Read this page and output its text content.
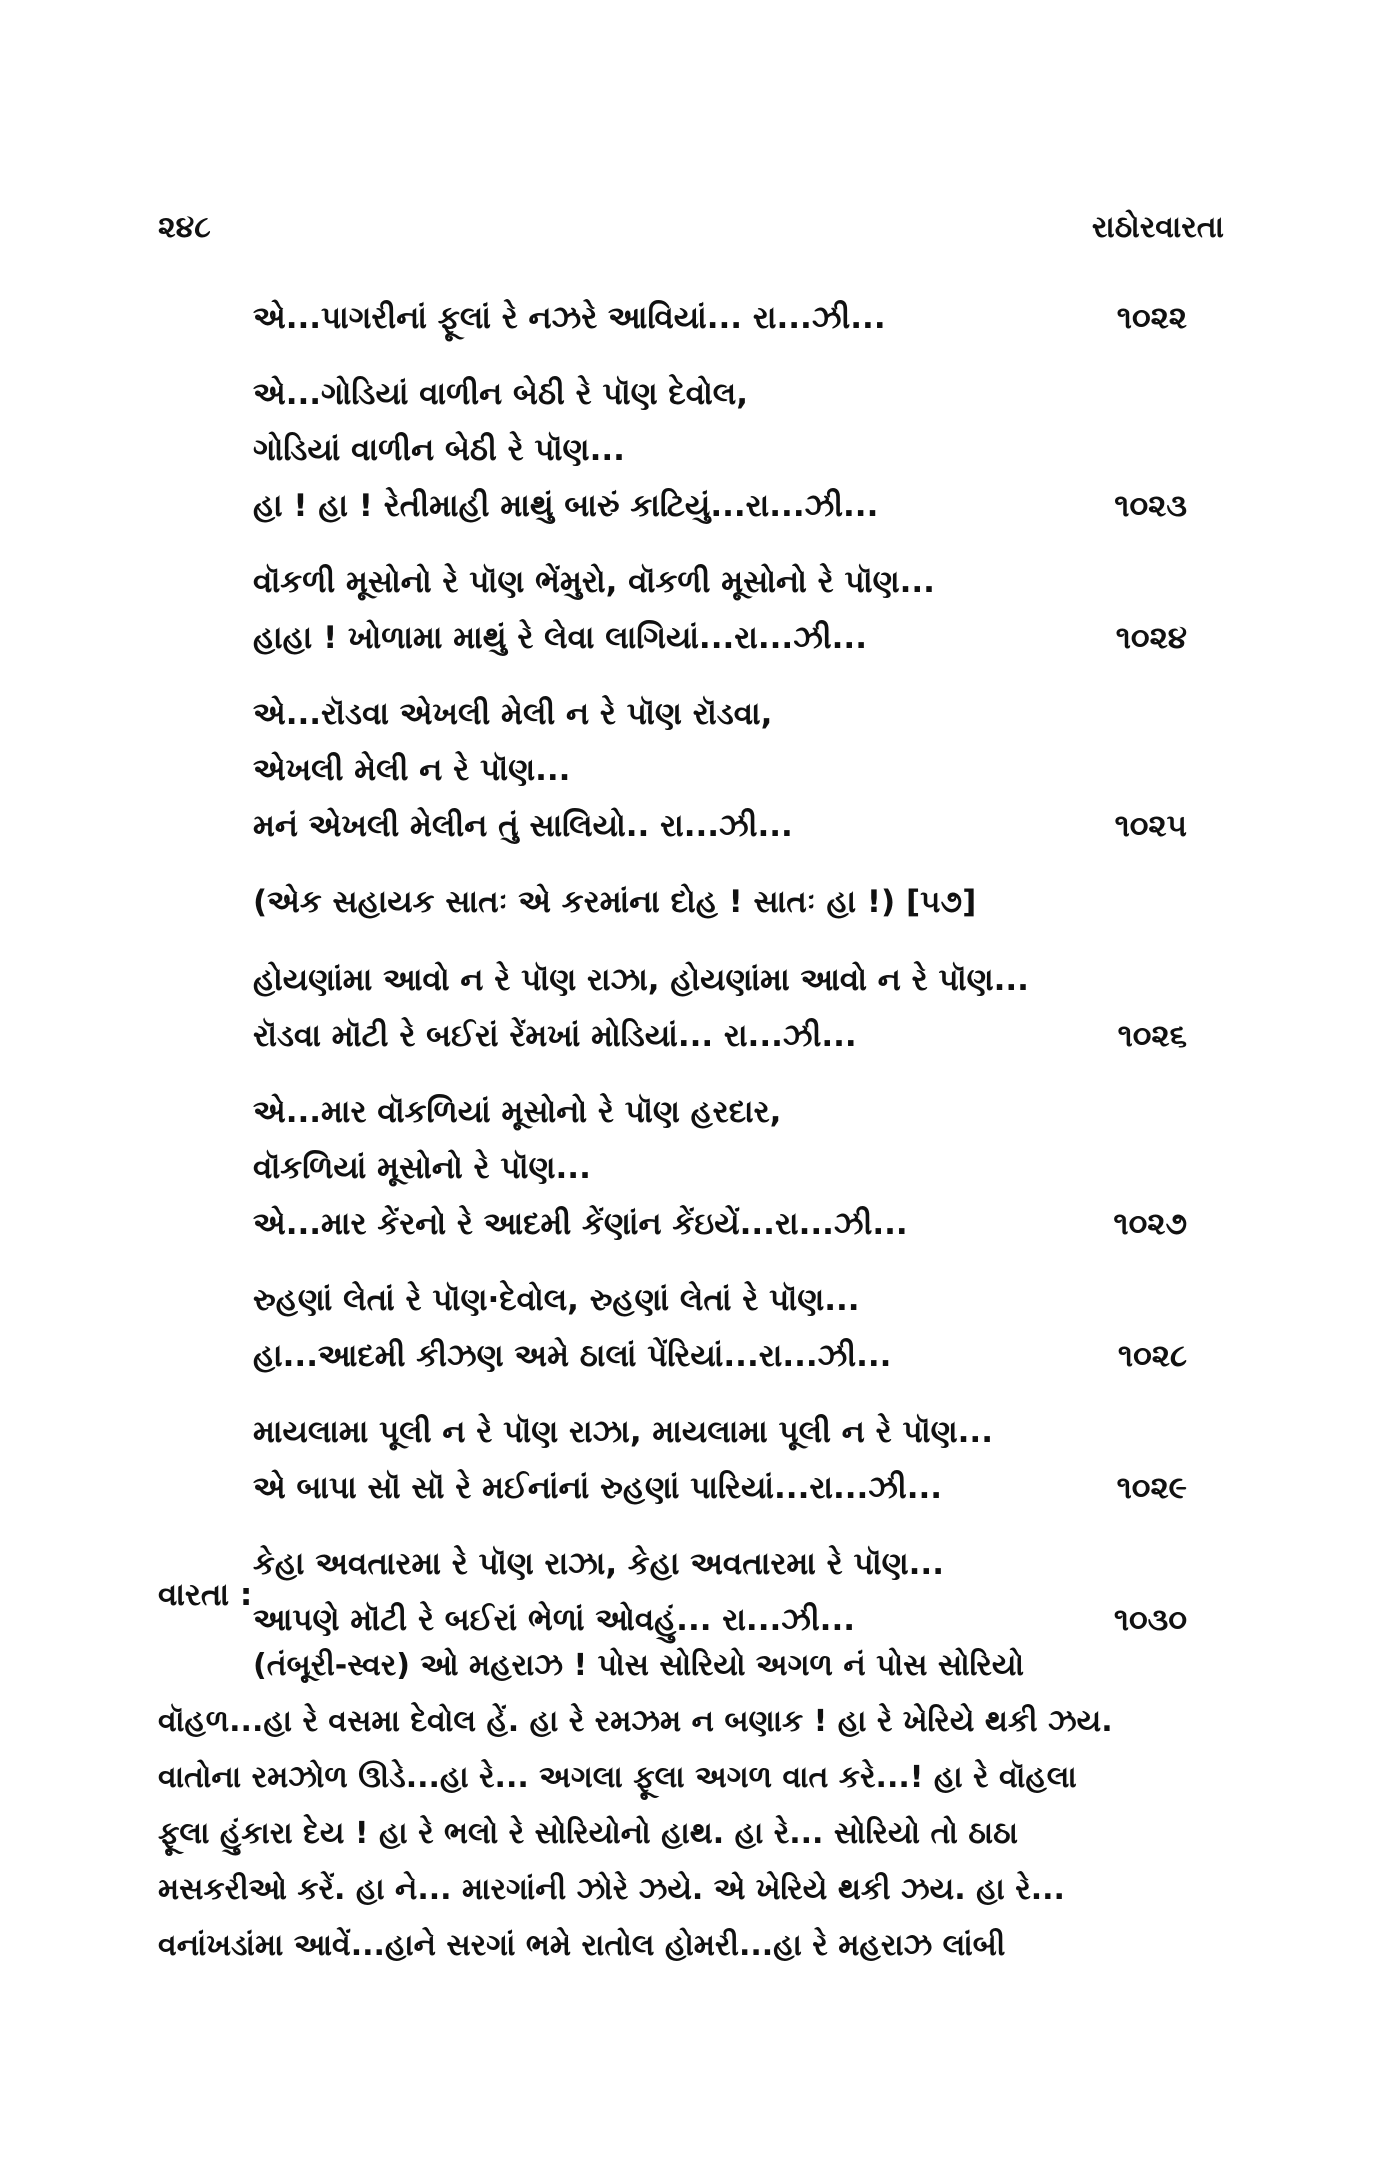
૨૪૮	રાઠોરવારતા
એ...પાગરીનાં ફૂલાં રે નઝરે આવિયાં... રા...ઝી...	૧૦૨૨
એ...ગોડિયાં વાળીન બેઠી રે પૉણ દેવોલ,
ગોડિયાં વાળીન બેઠી રે પૉણ...
હા ! હા ! રેતીમાહી માથું બારું કાટિયું...રા...ઝી...	૧૦૨૩
વૉકળી મૂસોનો રે પૉણ ભેંમુરો, વૉકળી મૂસોનો રે પૉણ...
હાહા ! ખોળામા માથું રે લેવા લાગિયાં...રા...ઝી...	૧૦૨૪
એ...રૉડવા એખલી મેલી ન રે પૉણ રૉડવા,
એખલી મેલી ન રે પૉણ...
મનં એખલી મેલીન તું સાલિયો.. રા...ઝી...	૧૦૨૫
(એક સહાયક સાતઃ એ કરમાંના દોહ ! સાતઃ હા !) [૫૭]
હોયણાંમા આવો ન રે પૉણ રાઝા, હોયણાંમા આવો ન રે પૉણ...
રૉડવા મૉટી રે બઈરાં રેંમખાં મોડિયાં... રા...ઝી...	૧૦૨૬
એ...માર વૉકળિયાં મૂસોનો રે પૉણ હરદાર,
વૉકળિયાં મૂસોનો રે પૉણ...
એ...માર કેંરનો રે આદમી કેંણાંન કેંઇયેં...રા...ઝી...	૧૦૨૭
રુહણાં લેતાં રે પૉણ·દેવોલ, રુહણાં લેતાં રે પૉણ...
હા...આદમી કીઝણ અમે ઠાલાં પેંરિયાં...રા...ઝી...	૧૦૨૮
માયલામા પૂલી ન રે પૉણ રાઝા, માયલામા પૂલી ન રે પૉણ...
એ બાપા સૉ સૉ રે મઈનાંનાં રુહણાં પારિયાં...રા...ઝી...	૧૦૨૯
કેહા અવતારમા રે પૉણ રાઝા, કેહા અવતારમા રે પૉણ...
આપણે મૉટી રે બઈરાં ભેળાં ઓવહું... રા...ઝી...	૧૦૩૦
વારતા :
(તંબૂરી-સ્વર) ઓ મહરાઝ ! પોસ સોરિયો અગળ નં પોસ સોરિયો
વૉહળ...હા રે વસમા દેવોલ હેં. હા રે રમઝમ ન બણાક ! હા રે ખેરિયે થકી ઝય.
વાતોના રમઝોળ ઊડે...હા રે... અગલા ફૂલા અગળ વાત કરે...! હા રે વૉહલા
ફૂલા હુંકારા દેય ! હા રે ભલો રે સોરિયોનો હાથ. હા રે... સોરિયો તો ઠાઠા
મસકરીઓ કરેં. હા ને... મારગાંની ઝોરે ઝયે. એ ખેરિયે થકી ઝય. હા રે...
વનાંખડાંમા આવેં...હાને સરગાં ભમે રાતોલ હોમરી...હા રે મહરાઝ લાંબી
